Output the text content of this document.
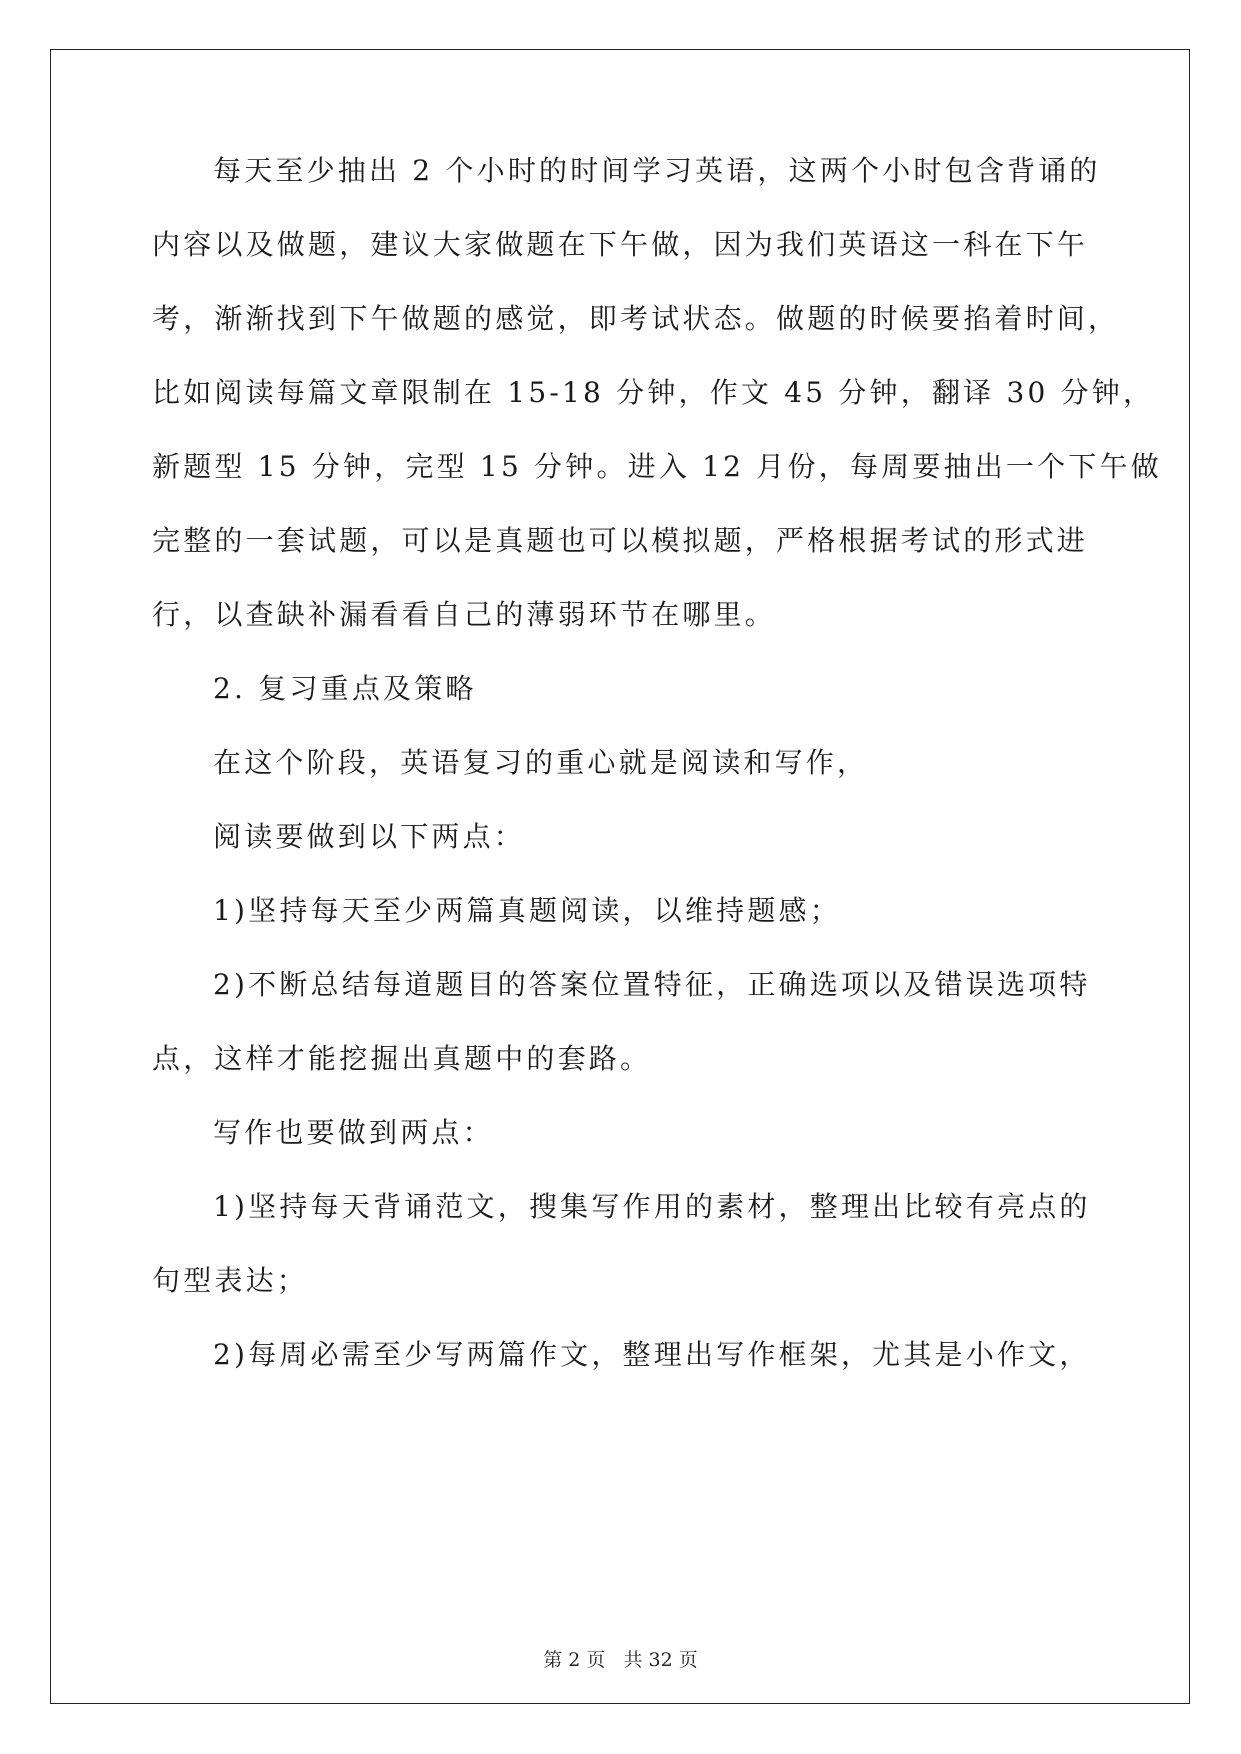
每天至少抽出 2 个小时的时间学习英语，这两个小时包含背诵的
内容以及做题，建议大家做题在下午做，因为我们英语这一科在下午
考，渐渐找到下午做题的感觉，即考试状态。做题的时候要掐着时间，
比如阅读每篇文章限制在 15-18 分钟，作文 45 分钟，翻译 30 分钟，
新题型 15 分钟，完型 15 分钟。进入 12 月份，每周要抽出一个下午做
完整的一套试题，可以是真题也可以模拟题，严格根据考试的形式进
行，以查缺补漏看看自己的薄弱环节在哪里。
2. 复习重点及策略
在这个阶段，英语复习的重心就是阅读和写作，
阅读要做到以下两点：
1)坚持每天至少两篇真题阅读，以维持题感；
2)不断总结每道题目的答案位置特征，正确选项以及错误选项特
点，这样才能挖掘出真题中的套路。
写作也要做到两点：
1)坚持每天背诵范文，搜集写作用的素材，整理出比较有亮点的
句型表达；
2)每周必需至少写两篇作文，整理出写作框架，尤其是小作文，
第 2 页 共 32 页
